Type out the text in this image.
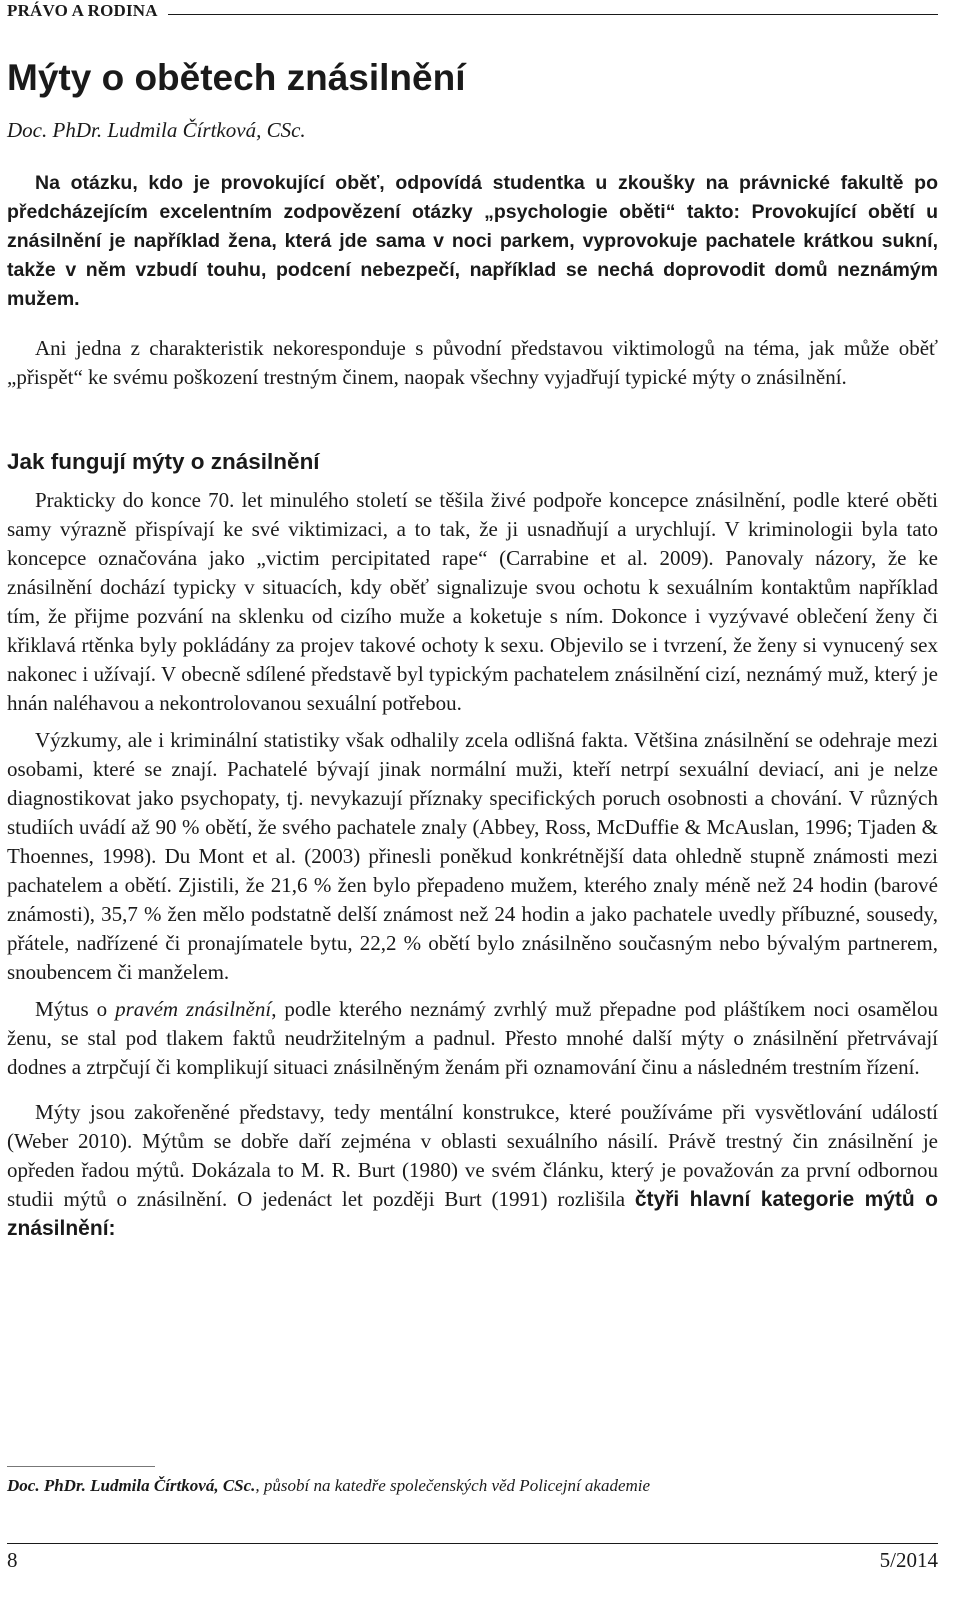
PRÁVO A RODINA
Mýty o obětech znásilnění
Doc. PhDr. Ludmila Čírtková, CSc.

Na otázku, kdo je provokující oběť, odpovídá studentka u zkoušky na právnické fakultě po předcházejícím excelentním zodpovězení otázky „psychologie oběti“ takto: Provokující obětí u znásilnění je například žena, která jde sama v noci parkem, vyprovokuje pachatele krátkou sukní, takže v něm vzbudí touhu, podcení nebezpečí, například se nechá doprovodit domů neznámým mužem.

Ani jedna z charakteristik nekoresponduje s původní představou viktimologů na téma, jak může oběť „přispět“ ke svému poškození trestným činem, naopak všechny vyjadřují typické mýty o znásilnění.

Jak fungují mýty o znásilnění

Prakticky do konce 70. let minulého století se těšila živé podpoře koncepce znásilnění, podle které oběti samy výrazně přispívají ke své viktimizaci, a to tak, že ji usnadňují a urychlují. V kriminologii byla tato koncepce označována jako „victim percipitated rape“ (Carrabine et al. 2009). Panovaly názory, že ke znásilnění dochází typicky v situacích, kdy oběť signalizuje svou ochotu k sexuálním kontaktům například tím, že přijme pozvání na sklenku od cizího muže a koketuje s ním. Dokonce i vyzývavé oblečení ženy či křiklavá rtěnka byly pokládány za projev takové ochoty k sexu. Objevilo se i tvrzení, že ženy si vynucený sex nakonec i užívají. V obecně sdílené představě byl typickým pachatelem znásilnění cizí, neznámý muž, který je hnán naléhavou a nekontrolovanou sexuální potřebou.

Výzkumy, ale i kriminální statistiky však odhalily zcela odlišná fakta. Většina znásilnění se odehraje mezi osobami, které se znají. Pachatelé bývají jinak normální muži, kteří netrpí sexuální deviací, ani je nelze diagnostikovat jako psychopaty, tj. nevykazují příznaky specifických poruch osobnosti a chování. V různých studiích uvádí až 90 % obětí, že svého pachatele znaly (Abbey, Ross, McDuffie & McAuslan, 1996; Tjaden & Thoennes, 1998). Du Mont et al. (2003) přinesli poněkud konkrétnější data ohledně stupně známosti mezi pachatelem a obětí. Zjistili, že 21,6 % žen bylo přepadeno mužem, kterého znaly méně než 24 hodin (barové známosti), 35,7 % žen mělo podstatně delší známost než 24 hodin a jako pachatele uvedly příbuzné, sousedy, přátele, nadřízené či pronajímatele bytu, 22,2 % obětí bylo znásilněno současným nebo bývalým partnerem, snoubencem či manželem.

Mýtus o pravém znásilnění, podle kterého neznámý zvrhlý muž přepadne pod pláštíkem noci osamělou ženu, se stal pod tlakem faktů neudržitelným a padnul. Přesto mnohé další mýty o znásilnění přetrvávají dodnes a ztrpčují či komplikují situaci znásilněným ženám při oznamování činu a následném trestním řízení.

Mýty jsou zakořeněné představy, tedy mentální konstrukce, které používáme při vysvětlování událostí (Weber 2010). Mýtům se dobře daří zejména v oblasti sexuálního násilí. Právě trestný čin znásilnění je opředen řadou mýtů. Dokázala to M. R. Burt (1980) ve svém článku, který je považován za první odbornou studii mýtů o znásilnění. O jedenáct let později Burt (1991) rozlišila čtyři hlavní kategorie mýtů o znásilnění:

Doc. PhDr. Ludmila Čírtková, CSc., působí na katedře společenských věd Policejní akademie
8	5/2014
